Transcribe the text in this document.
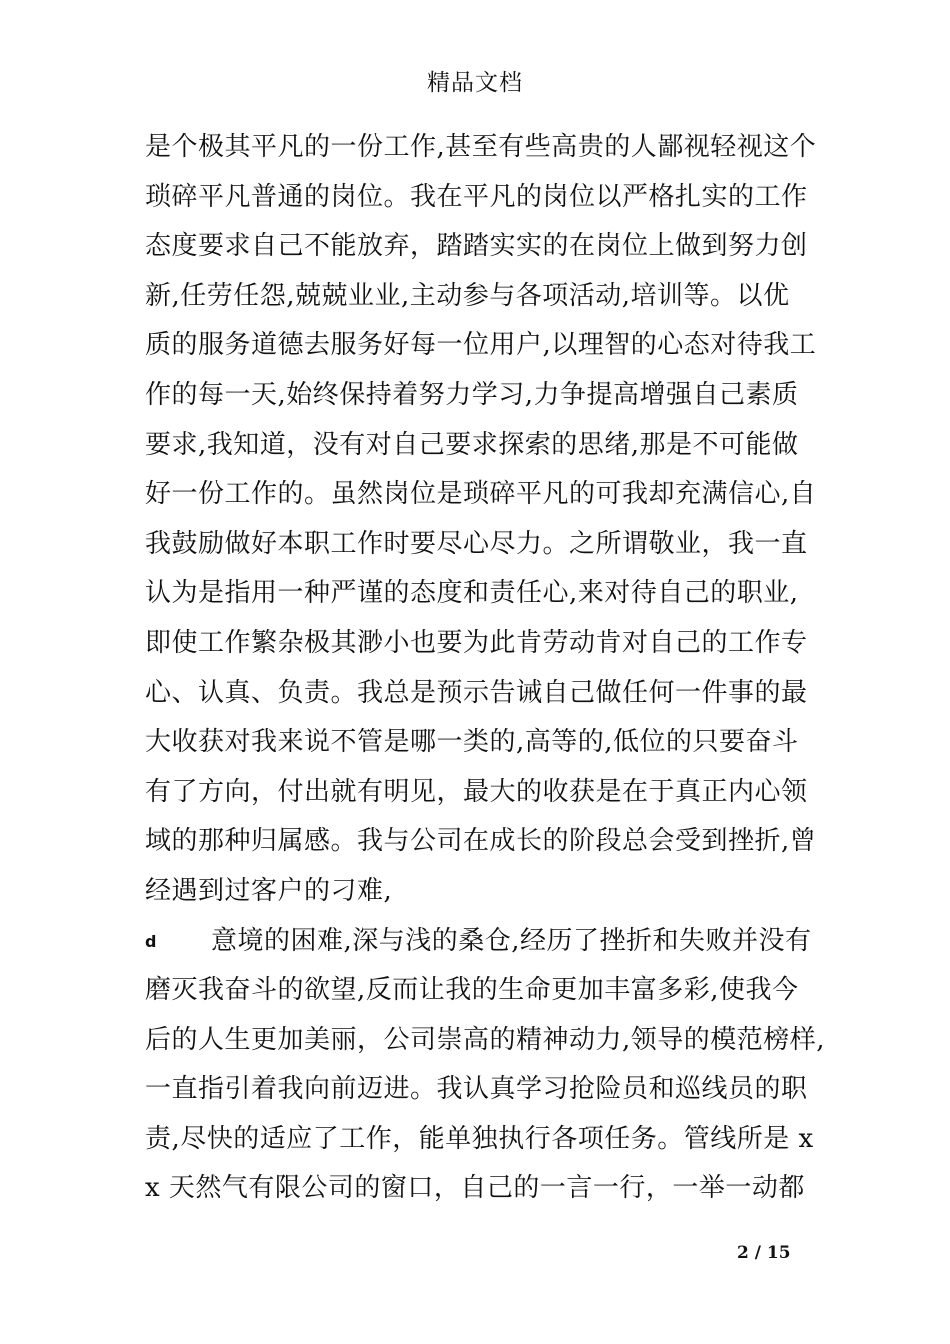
精品文档
是个极其平凡的一份工作,甚至有些高贵的人鄙视轻视这个
琐碎平凡普通的岗位。我在平凡的岗位以严格扎实的工作
态度要求自己不能放弃，踏踏实实的在岗位上做到努力创
新,任劳任怨,兢兢业业,主动参与各项活动,培训等。以优
质的服务道德去服务好每一位用户,以理智的心态对待我工
作的每一天,始终保持着努力学习,力争提高增强自己素质
要求,我知道，没有对自己要求探索的思绪,那是不可能做
好一份工作的。虽然岗位是琐碎平凡的可我却充满信心,自
我鼓励做好本职工作时要尽心尽力。之所谓敬业，我一直
认为是指用一种严谨的态度和责任心,来对待自己的职业,
即使工作繁杂极其渺小也要为此肯劳动肯对自己的工作专
心、认真、负责。我总是预示告诫自己做任何一件事的最
大收获对我来说不管是哪一类的,高等的,低位的只要奋斗
有了方向，付出就有明见，最大的收获是在于真正内心领
域的那种归属感。我与公司在成长的阶段总会受到挫折,曾
经遇到过客户的刁难,
d 意境的困难,深与浅的桑仓,经历了挫折和失败并没有
磨灭我奋斗的欲望,反而让我的生命更加丰富多彩,使我今
后的人生更加美丽，公司崇高的精神动力,领导的模范榜样,
一直指引着我向前迈进。我认真学习抢险员和巡线员的职
责,尽快的适应了工作，能单独执行各项任务。管线所是 x
x 天然气有限公司的窗口，自己的一言一行，一举一动都
2 / 15
